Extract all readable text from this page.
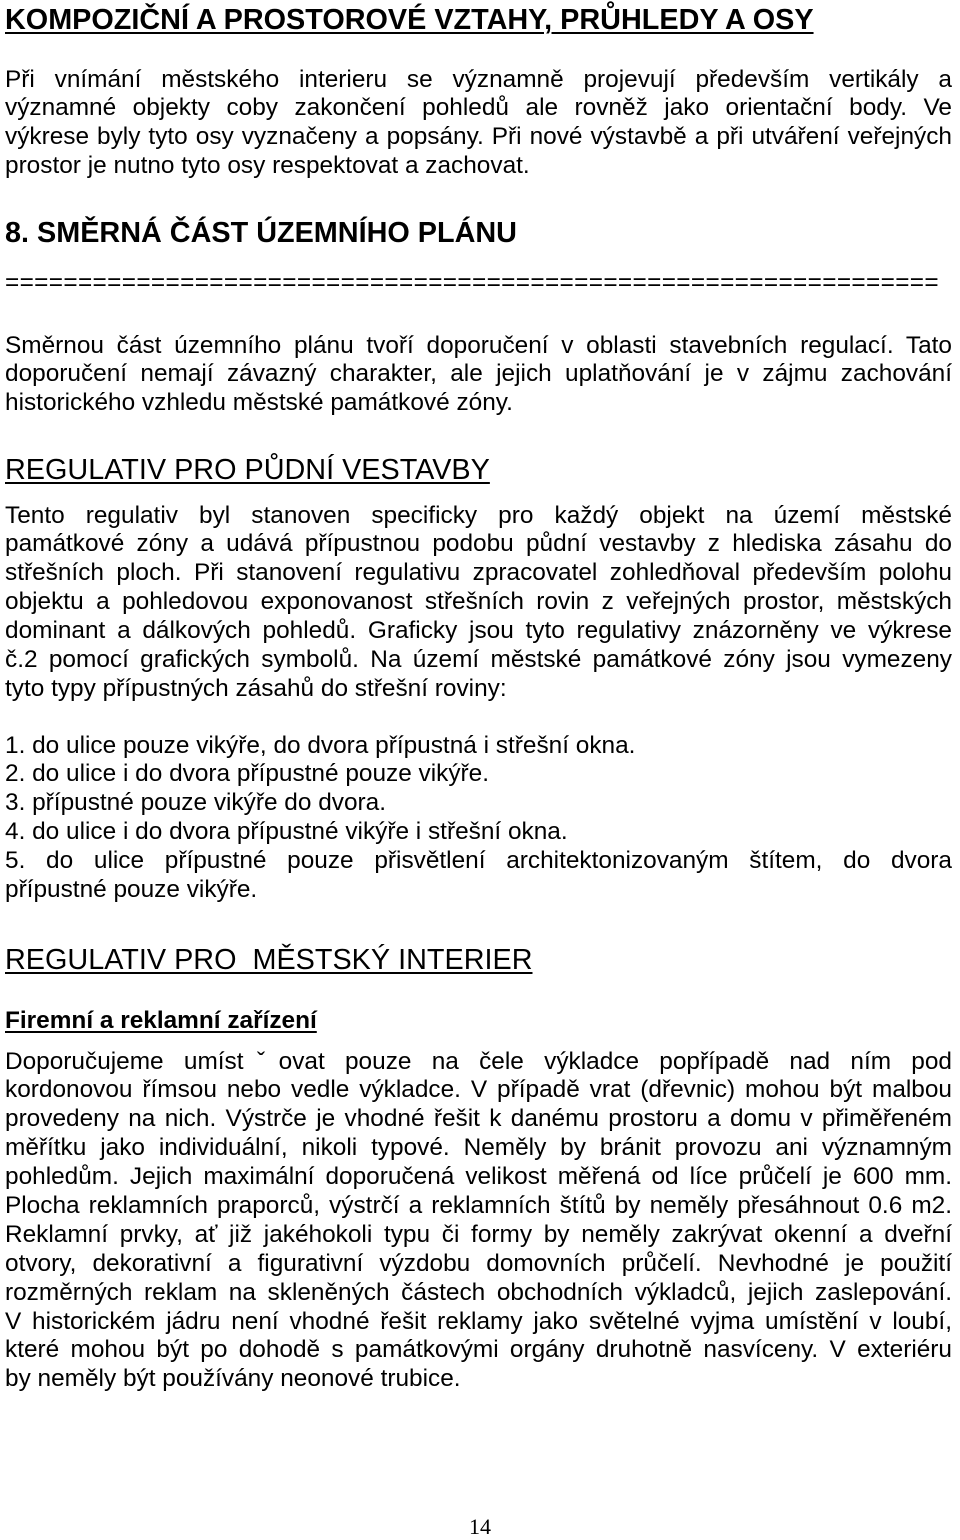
KOMPOZIČNÍ A PROSTOROVÉ VZTAHY, PRŮHLEDY A OSY
Při vnímání městského interieru se významně projevují především vertikály a
významné objekty coby zakončení pohledů ale rovněž jako orientační body. Ve
výkrese byly tyto osy vyznačeny a popsány. Při nové výstavbě a při utváření veřejných
prostor je nutno tyto osy respektovat a zachovat.
8. SMĚRNÁ ČÁST ÚZEMNÍHO PLÁNU
================================================================
Směrnou část územního plánu tvoří doporučení v oblasti stavebních regulací. Tato
doporučení nemají závazný charakter, ale jejich uplatňování je v zájmu zachování
historického vzhledu městské památkové zóny.
REGULATIV PRO PŮDNÍ VESTAVBY
Tento regulativ byl stanoven specificky pro každý objekt na území městské
památkové zóny a udává přípustnou podobu půdní vestavby z hlediska zásahu do
střešních ploch. Při stanovení regulativu zpracovatel zohledňoval především polohu
objektu a pohledovou exponovanost střešních rovin z veřejných prostor, městských
dominant a dálkových pohledů. Graficky jsou tyto regulativy znázorněny ve výkrese
č.2 pomocí grafických symbolů. Na území městské památkové zóny jsou vymezeny
tyto typy přípustných zásahů do střešní roviny:
1. do ulice pouze vikýře, do dvora přípustná i střešní okna.
2. do ulice i do dvora přípustné pouze vikýře.
3. přípustné pouze vikýře do dvora.
4. do ulice i do dvora přípustné vikýře i střešní okna.
5. do ulice přípustné pouze přisvětlení architektonizovaným štítem, do dvora
přípustné pouze vikýře.
REGULATIV PRO  MĚSTSKÝ INTERIER
Firemní a reklamní zařízení
Doporučujeme umístˇovat pouze na čele výkladce popřípadě nad ním pod
kordonovou římsou nebo vedle výkladce. V případě vrat (dřevnic) mohou být malbou
provedeny na nich. Výstrče je vhodné řešit k danému prostoru a domu v přiměřeném
měřítku jako individuální, nikoli typové. Neměly by bránit provozu ani významným
pohledům. Jejich maximální doporučená velikost měřená od líce průčelí je 600 mm.
Plocha reklamních praporců, výstrčí a reklamních štítů by neměly přesáhnout 0.6 m2.
Reklamní prvky, ať již jakéhokoli typu či formy by neměly zakrývat okenní a dveřní
otvory, dekorativní a figurativní výzdobu domovních průčelí. Nevhodné je použití
rozměrných reklam na skleněných částech obchodních výkladců, jejich zaslepování.
V historickém jádru není vhodné řešit reklamy jako světelné vyjma umístění v loubí,
které mohou být po dohodě s památkovými orgány druhotně nasvíceny. V exteriéru
by neměly být používány neonové trubice.
14
